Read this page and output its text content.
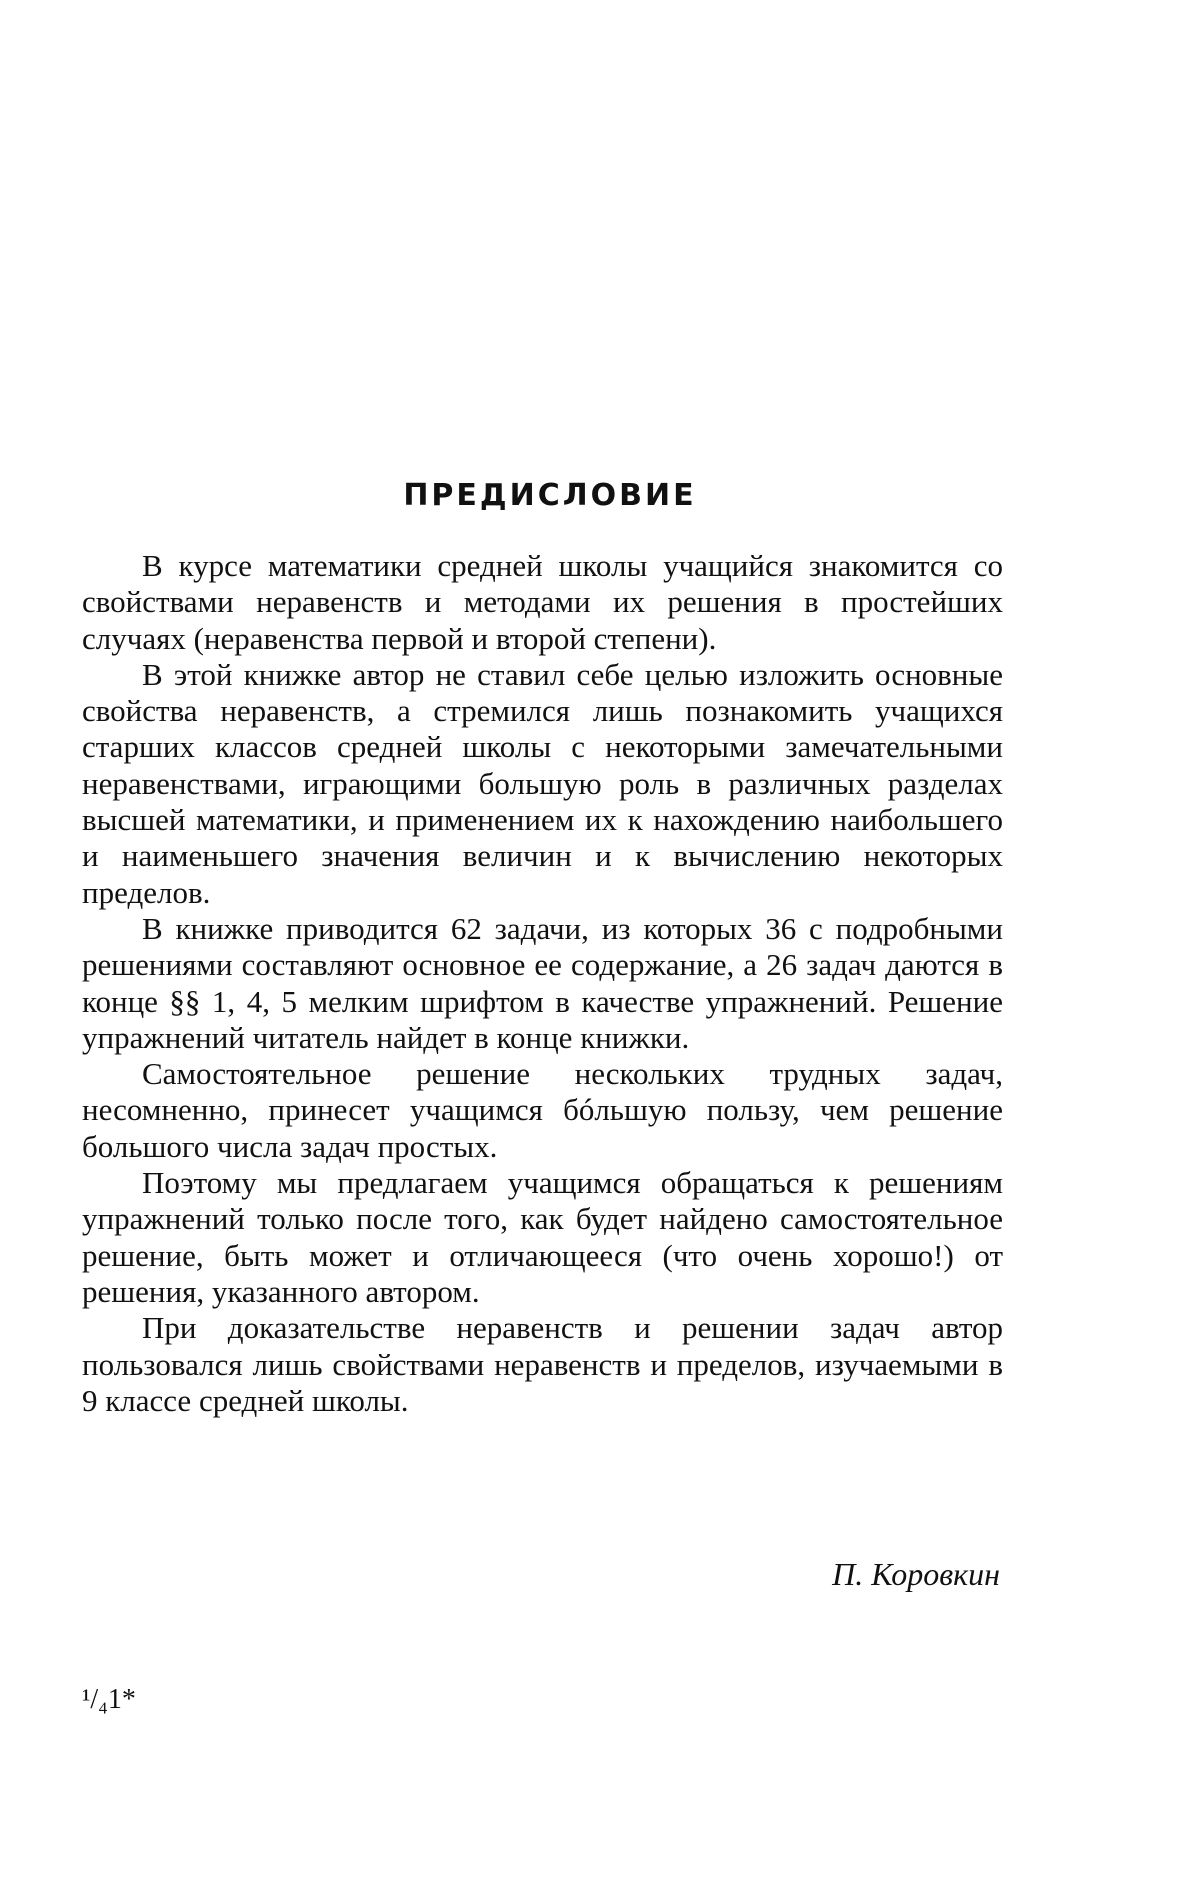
ПРЕДИСЛОВИЕ

В курсе математики средней школы учащийся знакомится со свойствами неравенств и методами их решения в простейших случаях (неравенства первой и второй степени).

В этой книжке автор не ставил себе целью изложить основные свойства неравенств, а стремился лишь познакомить учащихся старших классов средней школы с некоторыми замечательными неравенствами, играющими большую роль в различных разделах высшей математики, и применением их к нахождению наибольшего и наименьшего значения величин и к вычислению некоторых пределов.

В книжке приводится 62 задачи, из которых 36 с подробными решениями составляют основное ее содержание, а 26 задач даются в конце §§ 1, 4, 5 мелким шрифтом в качестве упражнений. Решение упражнений читатель найдет в конце книжки.

Самостоятельное решение нескольких трудных задач, несомненно, принесет учащимся бóльшую пользу, чем решение большого числа задач простых.

Поэтому мы предлагаем учащимся обращаться к решениям упражнений только после того, как будет найдено самостоятельное решение, быть может и отличающееся (что очень хорошо!) от решения, указанного автором.

При доказательстве неравенств и решении задач автор пользовался лишь свойствами неравенств и пределов, изучаемыми в 9 классе средней школы.

П. Коровкин
¹/₄1*
